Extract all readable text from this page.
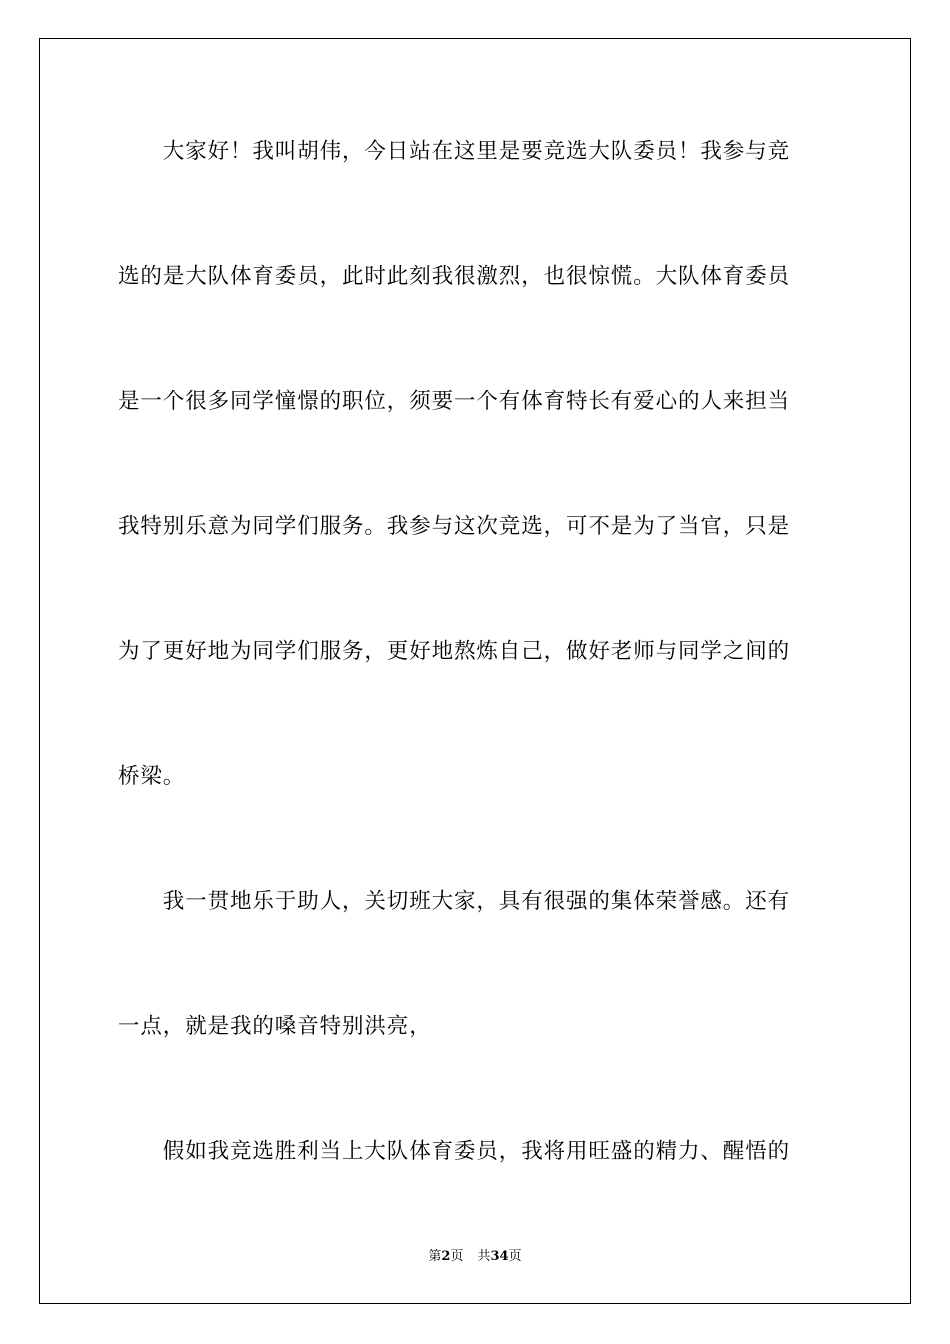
　　大家好！我叫胡伟，今日站在这里是要竞选大队委员！我参与竞
选的是大队体育委员，此时此刻我很激烈，也很惊慌。大队体育委员
是一个很多同学憧憬的职位，须要一个有体育特长有爱心的人来担当
我特别乐意为同学们服务。我参与这次竞选，可不是为了当官，只是
为了更好地为同学们服务，更好地熬炼自己，做好老师与同学之间的
桥梁。
　　我一贯地乐于助人，关切班大家，具有很强的集体荣誉感。还有
一点，就是我的嗓音特别洪亮，
　　假如我竞选胜利当上大队体育委员，我将用旺盛的精力、醒悟的
第2页 共34页
